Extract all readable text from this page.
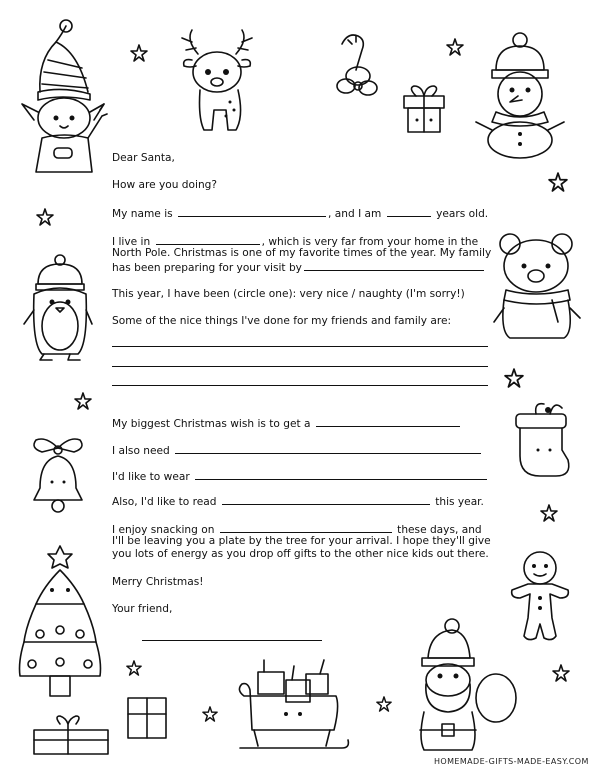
Dear Santa,
How are you doing?
My name is	, and I am	years old.
I live in	, which is very far from your home in the
North Pole. Christmas is one of my favorite times of the year. My family
has been preparing for your visit by
This year, I have been (circle one): very nice / naughty (I'm sorry!)
Some of the nice things I've done for my friends and family are:
My biggest Christmas wish is to get a
I also need
I'd like to wear
Also, I'd like to read	this year.
I enjoy snacking on	these days, and
I'll be leaving you a plate by the tree for your arrival. I hope they'll give
you lots of energy as you drop off gifts to the other nice kids out there.
Merry Christmas!
Your friend,
HOMEMADE-GIFTS-MADE-EASY.COM
